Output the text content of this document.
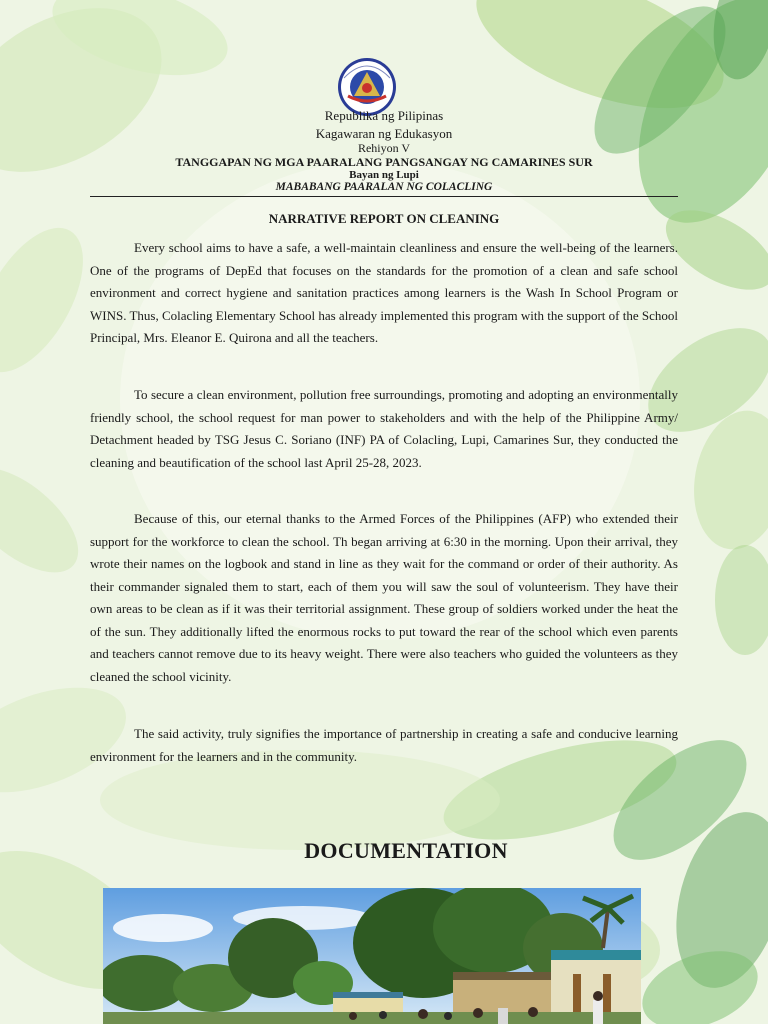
Republika ng Pilipinas
Kagawaran ng Edukasyon
Rehiyon V
TANGGAPAN NG MGA PAARALANG PANGSANGAY NG CAMARINES SUR
Bayan ng Lupi
MABABANG PAARALAN NG COLACLING
NARRATIVE REPORT ON CLEANING

Every school aims to have a safe, a well-maintain cleanliness and ensure the well-being of the learners. One of the programs of DepEd that focuses on the standards for the promotion of a clean and safe school environment and correct hygiene and sanitation practices among learners is the Wash In School Program or WINS. Thus, Colacling Elementary School has already implemented this program with the support of the School Principal, Mrs. Eleanor E. Quirona and all the teachers.

To secure a clean environment, pollution free surroundings, promoting and adopting an environmentally friendly school, the school request for man power to stakeholders and with the help of the Philippine Army/ Detachment headed by TSG Jesus C. Soriano (INF) PA of Colacling, Lupi, Camarines Sur, they conducted the cleaning and beautification of the school last April 25-28, 2023.

Because of this, our eternal thanks to the Armed Forces of the Philippines (AFP) who extended their support for the workforce to clean the school. Th began arriving at 6:30 in the morning. Upon their arrival, they wrote their names on the logbook and stand in line as they wait for the command or order of their authority. As their commander signaled them to start, each of them you will saw the soul of volunteerism. They have their own areas to be clean as if it was their territorial assignment. These group of soldiers worked under the heat the of the sun. They additionally lifted the enormous rocks to put toward the rear of the school which even parents and teachers cannot remove due to its heavy weight. There were also teachers who guided the volunteers as they cleaned the school vicinity.

The said activity, truly signifies the importance of partnership in creating a safe and conducive learning environment for the learners and in the community.

DOCUMENTATION
